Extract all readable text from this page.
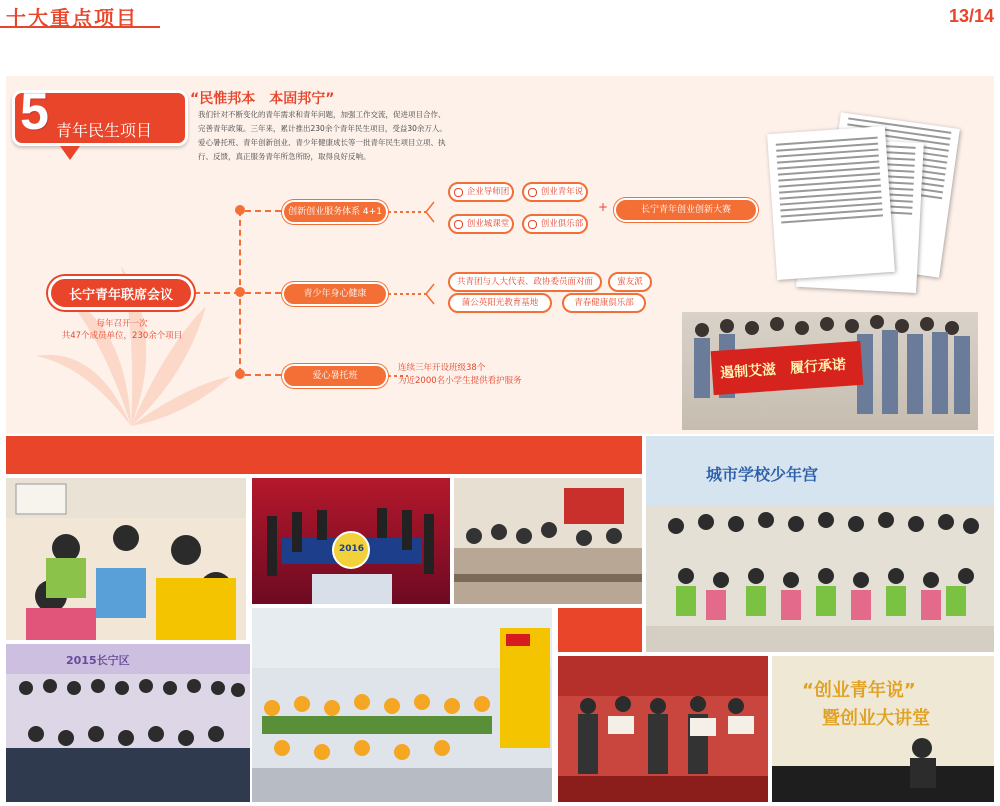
十大重点项目	13/14
5 青年民生项目
“民惟邦本　本固邦宁”
我们针对不断变化的青年需求和青年问题，加强工作交流，促进项目合作、完善青年政策。三年来，累计推出230余个青年民生项目，受益30余万人。爱心暑托班、青年创新创业、青少年健康成长等一批青年民生项目立项、执行、反馈，真正服务青年所急所盼，取得良好反响。
长宁青年联席会议
每年召开一次
共47个成员单位，230余个项目
创新创业服务体系 4+1
企业导师团	创业青年说
创业城课堂	创业俱乐部
+	长宁青年创业创新大赛
青少年身心健康
共青团与人大代表、政协委员面对面	蜜友派
蒲公英阳光教育基地	青春健康俱乐部
爱心暑托班
连续三年开设班级38个
为近2000名小学生提供看护服务	遏制艾滋　履行承诺
2016
城市学校少年宫
2015长宁区
“创业青年说”
暨创业大讲堂
